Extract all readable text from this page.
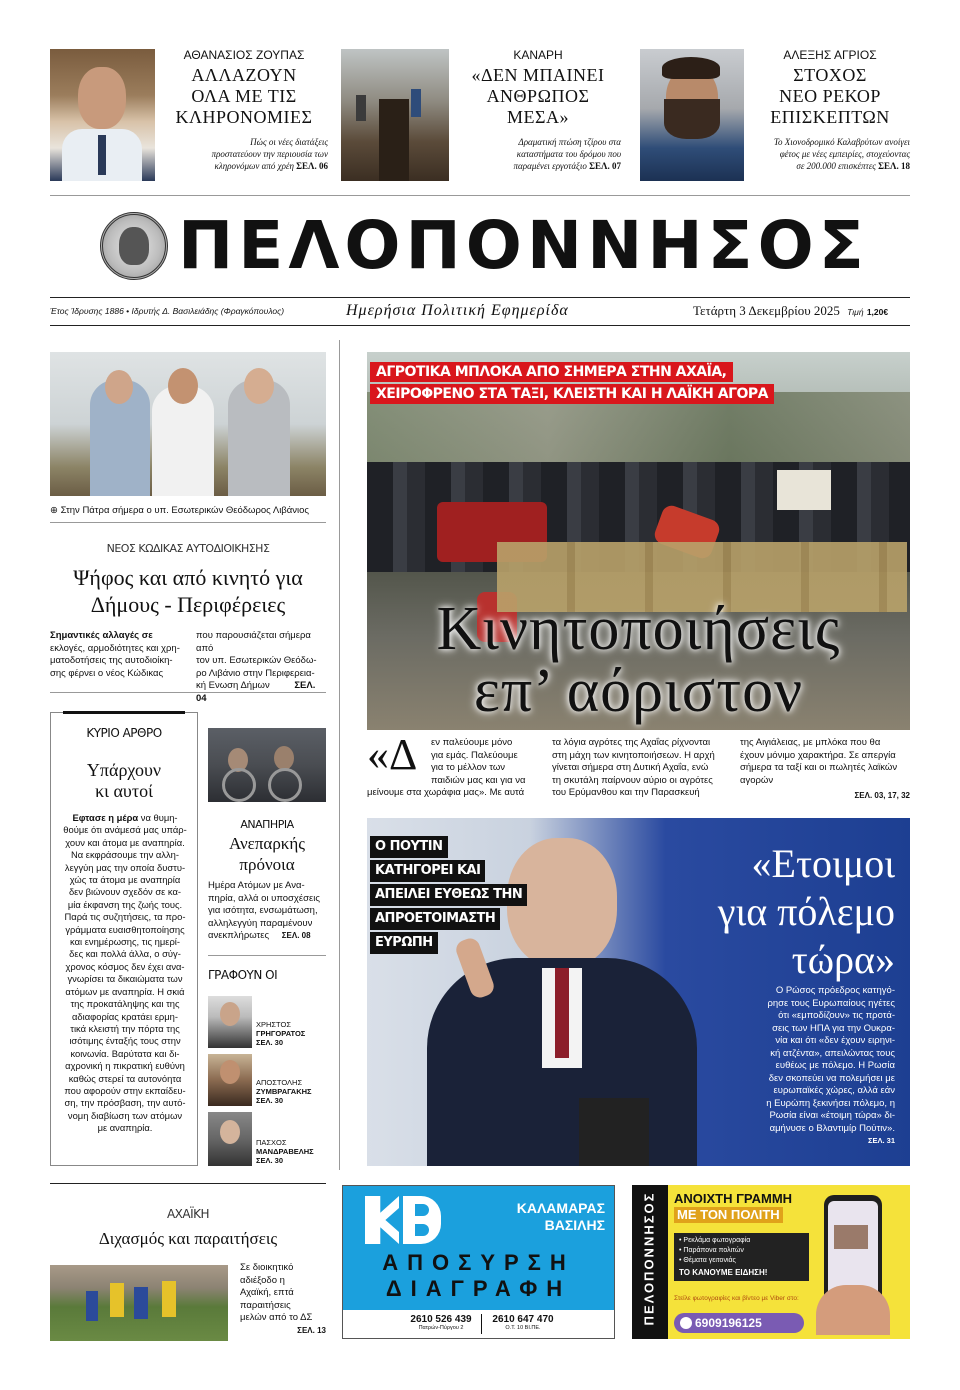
ΑΘΑΝΑΣΙΟΣ ΖΟΥΠΑΣ
ΑΛΛΑΖΟΥΝ
ΟΛΑ ΜΕ ΤΙΣ
ΚΛΗΡΟΝΟΜΙΕΣ
Πώς οι νέες διατάξεις
προστατεύουν την περιουσία των
κληρονόμων από χρέη ΣΕΛ. 06
ΚΑΝΑΡΗ
«ΔΕΝ ΜΠΑΙΝΕΙ
ΑΝΘΡΩΠΟΣ
ΜΕΣΑ»
Δραματική πτώση τζίρου στα
καταστήματα του δρόμου που
παραμένει εργοτάξιο ΣΕΛ. 07
ΑΛΕΞΗΣ ΑΓΡΙΟΣ
ΣΤΟΧΟΣ
ΝΕΟ ΡΕΚΟΡ
ΕΠΙΣΚΕΠΤΩΝ
Το Χιονοδρομικό Καλαβρύτων ανοίγει
φέτος με νέες εμπειρίες, στοχεύοντας
σε 200.000 επισκέπτες ΣΕΛ. 18
ΠΕΛΟΠΟΝΝΗΣΟΣ
Έτος Ίδρυσης 1886 • Ιδρυτής Δ. Βασιλειάδης (Φραγκόπουλος)	Ημερήσια Πολιτική Εφημερίδα	Τετάρτη 3 Δεκεμβρίου 2025 Τιμή 1,20€
⊕ Στην Πάτρα σήμερα ο υπ. Εσωτερικών Θεόδωρος Λιβάνιος
ΝΕΟΣ ΚΩΔΙΚΑΣ ΑΥΤΟΔΙΟΙΚΗΣΗΣ
Ψήφος και από κινητό για
Δήμους - Περιφέρειες
Σημαντικές αλλαγές σε
εκλογές, αρμοδιότητες και χρη-
ματοδοτήσεις της αυτοδιοίκη-
σης φέρνει ο νέος Κώδικας
που παρουσιάζεται σήμερα από
τον υπ. Εσωτερικών Θεόδω-
ρο Λιβάνιο στην Περιφερεια-
κή Ενωση Δήμων	ΣΕΛ. 04
ΚΥΡΙΟ ΑΡΘΡΟ
Υπάρχουν
κι αυτοί
Εφτασε η μέρα να θυμη-
θούμε ότι ανάμεσά μας υπάρ-
χουν και άτομα με αναπηρία.
Να εκφράσουμε την αλλη-
λεγγύη μας την οποία δυστυ-
χώς τα άτομα με αναπηρία
δεν βιώνουν σχεδόν σε κα-
μία έκφανση της ζωής τους.
Παρά τις συζητήσεις, τα προ-
γράμματα ευαισθητοποίησης
και ενημέρωσης, τις ημερί-
δες και πολλά άλλα, ο σύγ-
χρονος κόσμος δεν έχει ανα-
γνωρίσει τα δικαιώματα των
ατόμων με αναπηρία. Η σκιά
της προκατάληψης και της
αδιαφορίας κρατάει ερμη-
τικά κλειστή την πόρτα της
ισότιμης ένταξής τους στην
κοινωνία. Βαρύτατα και δι-
αχρονική η πικρατική ευθύνη
καθώς στερεί τα αυτονόητα
που αφορούν στην εκπαίδευ-
ση, την πρόσβαση, την αυτό-
νομη διαβίωση των ατόμων
με αναπηρία.
ΑΝΑΠΗΡΙΑ
Ανεπαρκής
πρόνοια
Ημέρα Ατόμων με Ανα-
πηρία, αλλά οι υποσχέσεις
για ισότητα, ενσωμάτωση,
αλληλεγγύη παραμένουν
ανεκπλήρωτες ΣΕΛ. 08
ΓΡΑΦΟΥΝ ΟΙ
ΧΡΗΣΤΟΣ
ΓΡΗΓΟΡΑΤΟΣ
ΣΕΛ. 30
ΑΠΟΣΤΟΛΗΣ
ΖΥΜΒΡΑΓΑΚΗΣ
ΣΕΛ. 30
ΠΑΣΧΟΣ
ΜΑΝΔΡΑΒΕΛΗΣ
ΣΕΛ. 30
ΑΓΡΟΤΙΚΑ ΜΠΛΟΚΑ ΑΠΟ ΣΗΜΕΡΑ ΣΤΗΝ ΑΧΑΪΑ,
ΧΕΙΡΟΦΡΕΝΟ ΣΤΑ ΤΑΞΙ, ΚΛΕΙΣΤΗ ΚΑΙ Η ΛΑΪΚΗ ΑΓΟΡΑ
Κινητοποιήσεις
επ’ αόριστον
«Δ	εν παλεύουμε μόνο
για εμάς. Παλεύουμε
για το μέλλον των
παιδιών μας και για να
μείνουμε στα χωράφια μας». Με αυτά
τα λόγια αγρότες της Αχαΐας ρίχνονται
στη μάχη των κινητοποιήσεων. Η αρχή
γίνεται σήμερα στη Δυτική Αχαΐα, ενώ
τη σκυτάλη παίρνουν αύριο οι αγρότες
του Ερύμανθου και την Παρασκευή
της Αιγιάλειας, με μπλόκα που θα
έχουν μόνιμο χαρακτήρα. Σε απεργία
σήμερα τα ταξί και οι πωλητές λαϊκών
αγορών
ΣΕΛ. 03, 17, 32
Ο ΠΟΥΤΙΝ
ΚΑΤΗΓΟΡΕΙ ΚΑΙ
ΑΠΕΙΛΕΙ ΕΥΘΕΩΣ ΤΗΝ
ΑΠΡΟΕΤΟΙΜΑΣΤΗ
ΕΥΡΩΠΗ
«Ετοιμοι
για πόλεμο
τώρα»
Ο Ρώσος πρόεδρος κατηγό-
ρησε τους Ευρωπαίους ηγέτες
ότι «εμποδίζουν» τις προτά-
σεις των ΗΠΑ για την Ουκρα-
νία και ότι «δεν έχουν ειρηνι-
κή ατζέντα», απειλώντας τους
ευθέως με πόλεμο. Η Ρωσία
δεν σκοπεύει να πολεμήσει με
ευρωπαϊκές χώρες, αλλά εάν
η Ευρώπη ξεκινήσει πόλεμο, η
Ρωσία είναι «έτοιμη τώρα» δι-
αμήνυσε ο Βλαντιμίρ Πούτιν».
ΣΕΛ. 31
ΑΧΑΪΚΗ
Διχασμός και παραιτήσεις
Σε διοικητικό
αδιέξοδο η
Αχαϊκή, επτά
παραιτήσεις
μελών από το ΔΣ
ΣΕΛ. 13
ΚΑΛΑΜΑΡΑΣ
ΒΑΣΙΛΗΣ
ΑΠΟΣΥΡΣΗ
ΔΙΑΓΡΑΦΗ
2610 526 439
Πατρών-Πύργου 2
2610 647 470
Ο.Τ. 10 ΒΙ.ΠΕ.
ΠΕΛΟΠΟΝΝΗΣΟΣ ΑΝΟΙΧΤΗ ΓΡΑΜΜΗ
ΜΕ ΤΟΝ ΠΟΛΙΤΗ
• Ρεκλάμα φωτογραφία
• Παράπονα πολιτών
• Θέματα γειτονιάς
ΤΟ ΚΑΝΟΥΜΕ ΕΙΔΗΣΗ!
Στείλε φωτογραφίες και βίντεο με Viber στο:
6909196125
